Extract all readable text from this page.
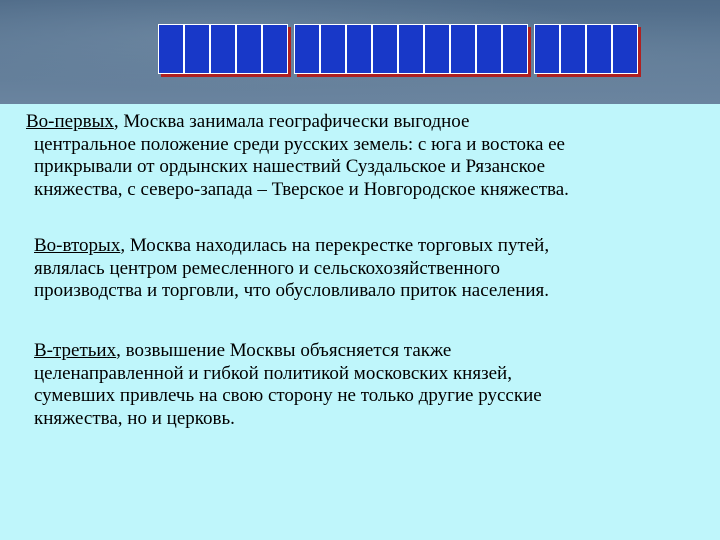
Во-первых, Москва занимала географически выгодное
центральное положение среди русских земель: с юга и востока ее
прикрывали от ордынских нашествий Суздальское и Рязанское
княжества, с северо-запада – Тверское и Новгородское княжества.
Во-вторых, Москва находилась на перекрестке торговых путей,
являлась центром ремесленного и сельскохозяйственного
производства и торговли, что обусловливало приток населения.
В-третьих, возвышение Москвы объясняется также
целенаправленной и гибкой политикой московских князей,
сумевших привлечь на свою сторону не только другие русские
княжества, но и церковь.
